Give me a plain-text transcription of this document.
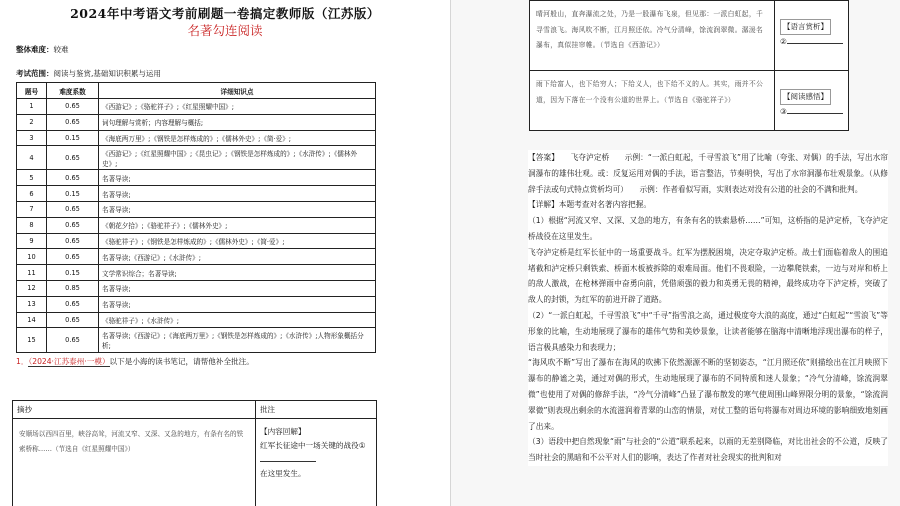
2024年中考语文考前刷题一卷搞定教师版（江苏版）
名著勾连阅读
整体难度：较难
考试范围：阅读与鉴赏,基础知识积累与运用
题号	难度系数	详细知识点
1	0.65	《西游记》;《骆驼祥子》;《红星照耀中国》;
2	0.65	词句理解与赏析；内容理解与概括;
3	0.15	《海底两万里》;《钢铁是怎样炼成的》;《儒林外史》;《简·爱》;
4	0.65	《西游记》;《红星照耀中国》;《昆虫记》;《钢铁是怎样炼成的》;《水浒传》;《儒林外史》;
5	0.65	名著导读;
6	0.15	名著导读;
7	0.65	名著导读;
8	0.65	《朝花夕拾》;《骆驼祥子》;《儒林外史》;
9	0.65	《骆驼祥子》;《钢铁是怎样炼成的》;《儒林外史》;《简·爱》;
10	0.65	名著导读;《西游记》;《水浒传》;
11	0.15	文学常识综合；名著导读;
12	0.85	名著导读;
13	0.65	名著导读;
14	0.65	《骆驼祥子》;《水浒传》;
15	0.65	名著导读;《西游记》;《海底两万里》;《钢铁是怎样炼成的》;《水浒传》;人物形象概括分析;
1．（2024·江苏泰州·一模）以下是小海的读书笔记，请帮他补全批注。
摘抄	批注
安顺场以西四百里，峡谷高耸，河流又窄、又深、又急的地方，有条有名的铁索桥称……（节选自《红星照耀中国》）	【内容回解】
红军长征途中一场关键的战役①
在这里发生。
晴河般山，直奔瀑流之处，乃是一股瀑布飞泉，但见那：一派白虹起，千寻雪浪飞。海风吹不断，江月照还依。冷气分清峰，馀流润翠微。潺湲名瀑布，真似挂帘帷。（节选自《西游记》）	【语言赏析】
②

雨下给富人，也下给穷人；下给义人，也下给不义的人。其实，雨并不公道，因为下落在一个没有公道的世界上。（节选自《骆驼祥子》）	【阅读感悟】
③

【答案】　　飞夺泸定桥　　示例：“一派白虹起，千寻雪浪飞”用了比喻（夸张、对偶）的手法，写出水帘洞瀑布的雄伟壮观。或：反复运用对偶的手法，语言整洁，节奏明快，写出了水帘洞瀑布壮观景象。（从修辞手法或句式特点赏析均可）　　示例：作者看似写雨，实则表达对没有公道的社会的不满和批判。

【详解】本题考查对名著内容把握。

（1）根据“河流又窄、又深、又急的地方，有条有名的铁索悬桥……”可知，这桥指的是泸定桥，飞夺泸定桥战役在这里发生。

飞夺泸定桥是红军长征中的一场重要战斗。红军为摆脱困境，决定夺取泸定桥。战士们面临着敌人的围追堵截和泸定桥只剩铁索、桥面木板被拆除的艰难局面。他们不畏艰险，一边攀爬铁索，一边与对岸和桥上的敌人激战，在枪林弹雨中奋勇向前，凭借顽强的毅力和英勇无畏的精神，最终成功夺下泸定桥，突破了敌人的封锁，为红军的前进开辟了道路。

（2）“一派白虹起，千寻雪浪飞”中“千寻”指雪浪之高，通过极度夸大浪的高度，通过“白虹起”“雪浪飞”等形象的比喻，生动地展现了瀑布的雄伟气势和美妙景象，让读者能够在脑海中清晰地浮现出瀑布的样子，语言极具感染力和表现力；

“海风吹不断”写出了瀑布在海风的吹拂下依然源源不断的坚韧姿态，“江月照还依”则描绘出在江月映照下瀑布的静谧之美，通过对偶的形式，生动地展现了瀑布的不同特质和迷人景象；“冷气分清峰，馀流润翠微”也使用了对偶的修辞手法，“冷气分清峰”凸显了瀑布散发的寒气使周围山峰界限分明的景象，“馀流润翠微”则表现出剩余的水流滋润着青翠的山峦的情景，对仗工整的语句将瀑布对周边环境的影响细致地刻画了出来。

（3）语段中把自然现象“雨”与社会的“公道”联系起来，以雨的无差别降临，对比出社会的不公道，反映了当时社会的黑暗和不公平对人们的影响，表达了作者对社会现实的批判和对
